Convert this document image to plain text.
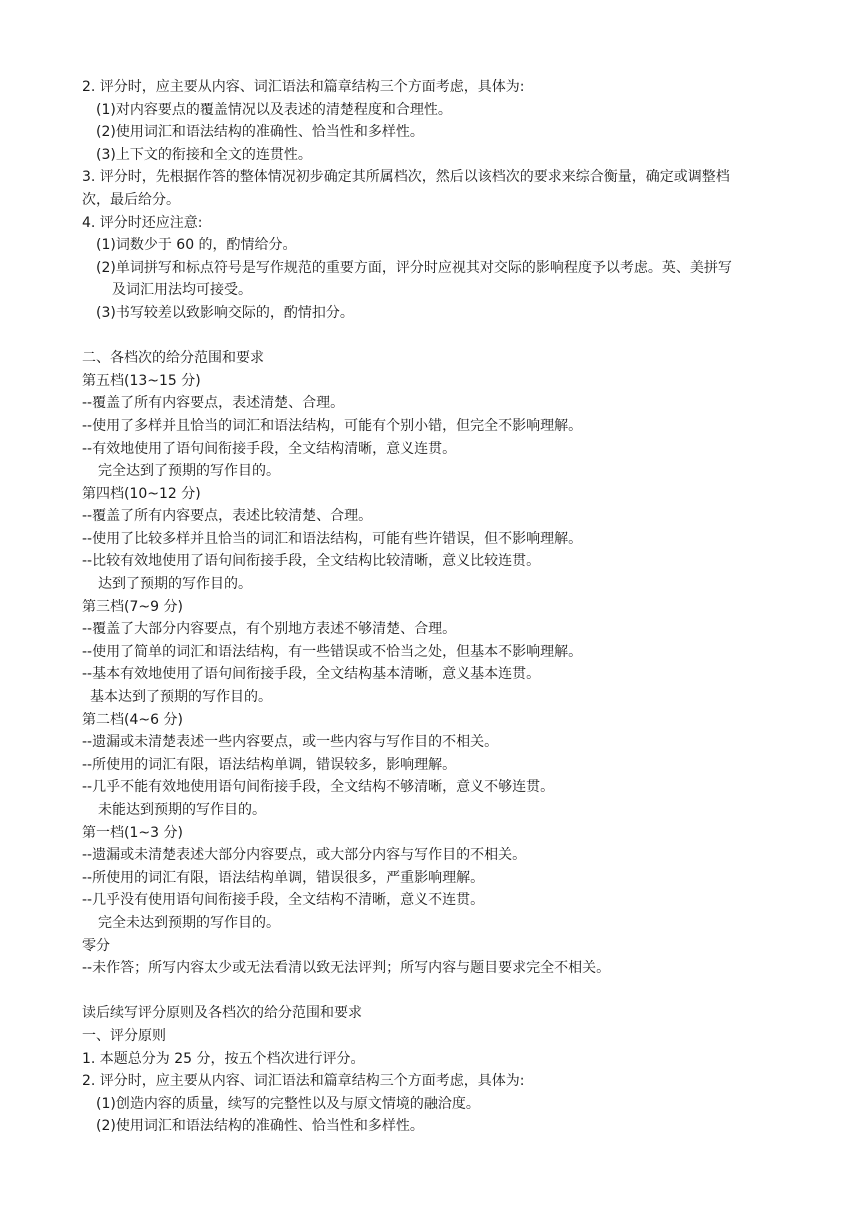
2. 评分时，应主要从内容、词汇语法和篇章结构三个方面考虑，具体为:
(1)对内容要点的覆盖情况以及表述的清楚程度和合理性。
(2)使用词汇和语法结构的准确性、恰当性和多样性。
(3)上下文的衔接和全文的连贯性。
3. 评分时，先根据作答的整体情况初步确定其所属档次，然后以该档次的要求来综合衡量，确定或调整档
次，最后给分。
4. 评分时还应注意:
(1)词数少于 60 的，酌情给分。
(2)单词拼写和标点符号是写作规范的重要方面，评分时应视其对交际的影响程度予以考虑。英、美拼写
及词汇用法均可接受。
(3)书写较差以致影响交际的，酌情扣分。
二、各档次的给分范围和要求
第五档(13~15 分)
--覆盖了所有内容要点，表述清楚、合理。
--使用了多样并且恰当的词汇和语法结构，可能有个别小错，但完全不影响理解。
--有效地使用了语句间衔接手段，全文结构清晰，意义连贯。
完全达到了预期的写作目的。
第四档(10~12 分)
--覆盖了所有内容要点，表述比较清楚、合理。
--使用了比较多样并且恰当的词汇和语法结构，可能有些许错误，但不影响理解。
--比较有效地使用了语句间衔接手段，全文结构比较清晰，意义比较连贯。
达到了预期的写作目的。
第三档(7~9 分)
--覆盖了大部分内容要点，有个别地方表述不够清楚、合理。
--使用了简单的词汇和语法结构，有一些错误或不恰当之处，但基本不影响理解。
--基本有效地使用了语句间衔接手段，全文结构基本清晰，意义基本连贯。
基本达到了预期的写作目的。
第二档(4~6 分)
--遗漏或未清楚表述一些内容要点，或一些内容与写作目的不相关。
--所使用的词汇有限，语法结构单调，错误较多，影响理解。
--几乎不能有效地使用语句间衔接手段，全文结构不够清晰，意义不够连贯。
未能达到预期的写作目的。
第一档(1~3 分)
--遗漏或未清楚表述大部分内容要点，或大部分内容与写作目的不相关。
--所使用的词汇有限，语法结构单调，错误很多，严重影响理解。
--几乎没有使用语句间衔接手段，全文结构不清晰，意义不连贯。
完全未达到预期的写作目的。
零分
--未作答；所写内容太少或无法看清以致无法评判；所写内容与题目要求完全不相关。
读后续写评分原则及各档次的给分范围和要求
一、评分原则
1. 本题总分为 25 分，按五个档次进行评分。
2. 评分时，应主要从内容、词汇语法和篇章结构三个方面考虑，具体为:
(1)创造内容的质量，续写的完整性以及与原文情境的融洽度。
(2)使用词汇和语法结构的准确性、恰当性和多样性。
